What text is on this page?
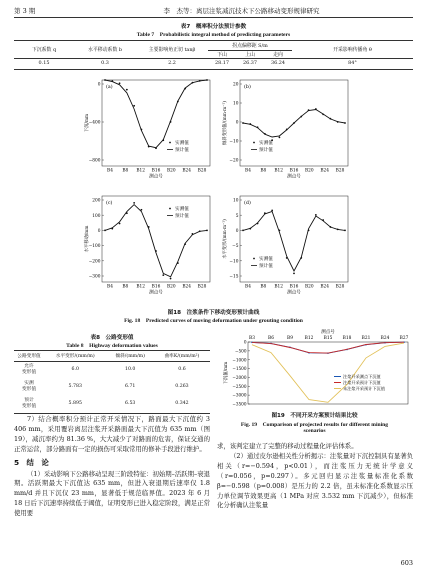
第 3 期	李　杰等：离层注浆减沉技术下公路移动变形规律研究
表7　概率积分法预计参数
Table 7　Probabilistic integral method of predicting parameters
下沉系数 q	水平移动系数 b	主要影响角正切 tanβ	拐点偏移距 S/m			开采影响传播角 θ
			下山	上山	走向	
0.15	0.3	2.2	28.17	26.37	36.24	84°
0
−400
−800
B4 B8 B12 B16 B20 B24 B28
测点号
下沉/mm
(a)
实测值
预计值
20
10
0
−10
−20
B4 B8 B12 B16 B20 B24 B28
测点号
倾斜变形值/(mm·m⁻¹)
(b)
实测值
预计值
200
100
0
−100
−200
−300
B4 B8 B12 B16 B20 B24 B28
测点号
水平移动/mm
(c)
实测值
预计值
10
5
0
−5
−10
−15
B4 B8 B12 B16 B20 B24 B28
测点号
水平变形/(mm·m⁻¹)
(d)
实测值
预计值
图18　注浆条件下移动变形预计曲线
Fig. 18　Predicted curves of moving deformation under grouting condition
表8　公路变形值
Table 8　Highway deformation values
公路变形值	水平变形/(mm/m)	倾斜/(mm/m)	曲率K/(mm/m²)

允许
变形值	6.0	10.0	0.6

实测
变形值	5.783	6.71	0.263

预计
变形值	5.895	6.53	0.342
测点号
B3	B6	B9	B12 B15 B18 B21 B24 B27
0
−500
−1000
−1500
−2000
−2500
−3000
−3500
下沉值/mm	注浆开采测点下沉值
注浆开采预计下沉值
未注浆开采预计下沉值
图19　不同开采方案预计结果比较
Fig. 19　Comparison of projected results for different mining
scenarios

7）结合概率积分预计正常开采情况下，路面最大下沉值约 3 406 mm，采用覆岩离层注浆开采路面最大下沉值为 635 mm（图 19），减沉率约为 81.36 %，大大减少了对路面的危害，保证交通的正常运营，部分路面有一定的损伤可采取常用的修补手段进行维护。

5　结　论

（1）采动影响下公路移动呈现三阶段特征：初始期–活跃期–衰退期。活跃期最大下沉值达 635 mm，但进入衰退期后速率仅 1.8 mm/d 并且下沉仅 23 mm，显著低于规范临界值。2023 年 6 月 18 日后下沉速率持续低于阈值，证明变形已进入稳定阶段，满足正常使用要

求，该判定建立了完整的移动过程量化评估体系。

（2）通过皮尔逊相关性分析揭示：注浆量对下沉控制具有显著负相关（r=−0.594，p<0.01），而注浆压力无统计学意义（r=0.056，p=0.297）。多元回归显示注浆量标准化系数 β=−0.598（p=0.008）是压力的 2.2 倍，虽未标准化系数显示压力单位调节效果更高（1 MPa 对应 3.532 mm 下沉减少），但标准化分析确认注浆量

603
